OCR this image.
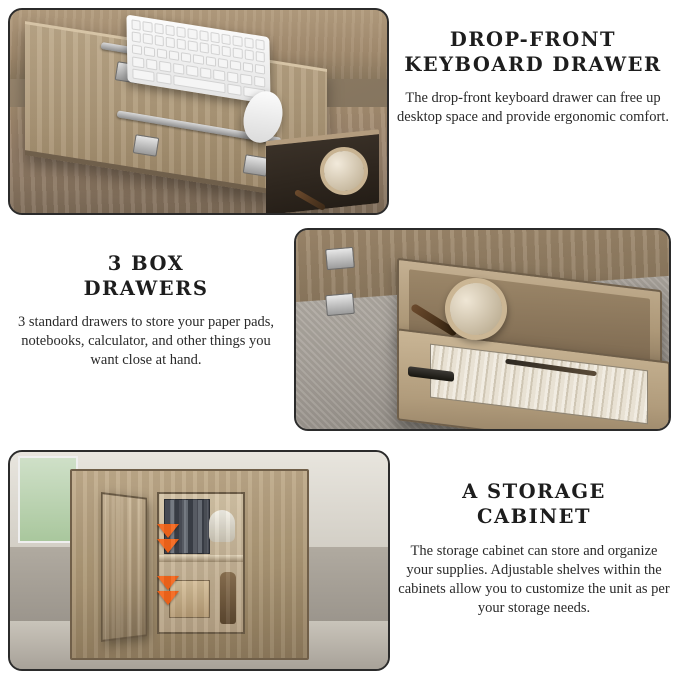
DROP-FRONT
KEYBOARD DRAWER
The drop-front keyboard drawer can free up desktop space and provide ergonomic comfort.
3 BOX
DRAWERS
3 standard drawers to store your paper pads, notebooks, calculator, and other things you want close at hand.
A STORAGE
CABINET
The storage cabinet can store and organize your supplies. Adjustable shelves within the cabinets allow you to customize the unit as per your storage needs.
